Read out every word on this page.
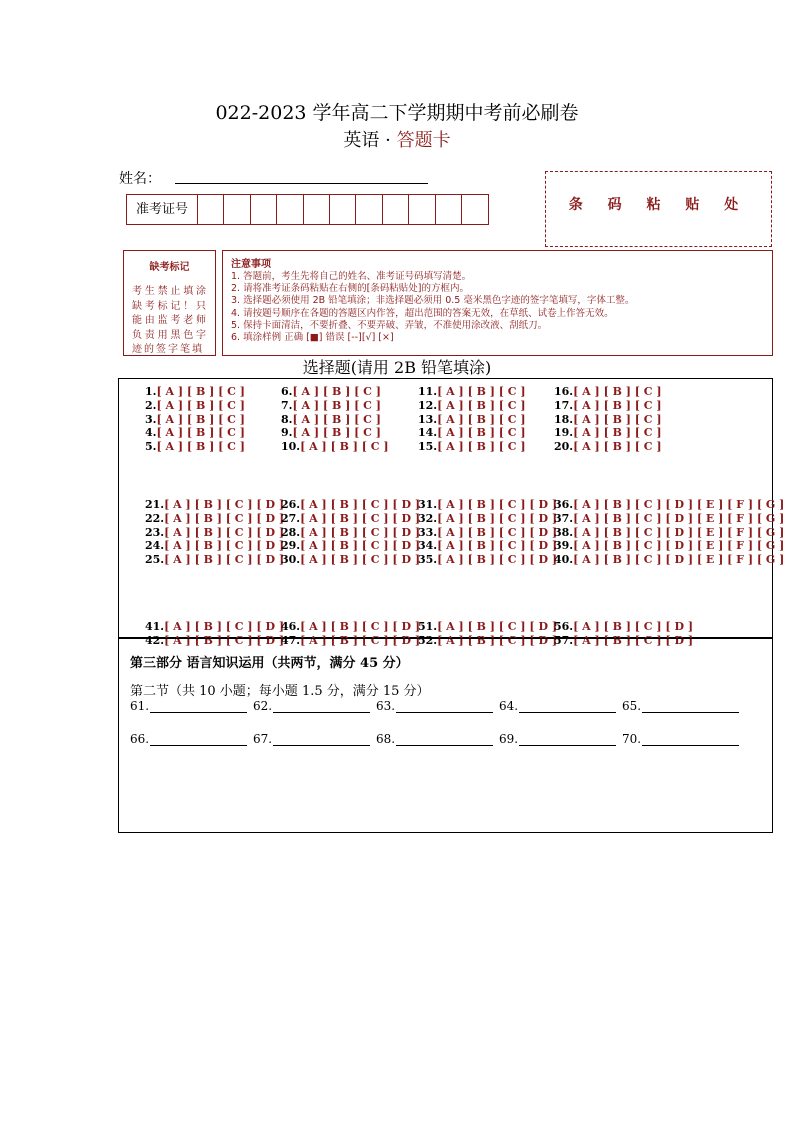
022-2023 学年高二下学期期中考前必刷卷
英语 · 答题卡
姓名：
准考证号	条 码 粘 贴 处
缺考标记
考生禁止填涂缺考标记！只能由监考老师负责用黑色字迹的签字笔填
注意事项
1. 答题前，考生先将自己的姓名、准考证号码填写清楚。
2. 请将准考证条码粘贴在右侧的[条码粘贴处]的方框内。
3. 选择题必须使用 2B 铅笔填涂；非选择题必须用 0.5 毫米黑色字迹的签字笔填写，字体工整。
4. 请按题号顺序在各题的答题区内作答，超出范围的答案无效，在草纸、试卷上作答无效。
5. 保持卡面清洁，不要折叠、不要弄破、弄皱，不准使用涂改液、刮纸刀。
6. 填涂样例 正确 [■] 错误 [--][√] [×]
选择题(请用 2B 铅笔填涂)
1.[ A ] [ B ] [ C ]
2.[ A ] [ B ] [ C ]
3.[ A ] [ B ] [ C ]
4.[ A ] [ B ] [ C ]
5.[ A ] [ B ] [ C ]
6.[ A ] [ B ] [ C ]
7.[ A ] [ B ] [ C ]
8.[ A ] [ B ] [ C ]
9.[ A ] [ B ] [ C ]
10.[ A ] [ B ] [ C ]
11.[ A ] [ B ] [ C ]
12.[ A ] [ B ] [ C ]
13.[ A ] [ B ] [ C ]
14.[ A ] [ B ] [ C ]
15.[ A ] [ B ] [ C ]
16.[ A ] [ B ] [ C ]
17.[ A ] [ B ] [ C ]
18.[ A ] [ B ] [ C ]
19.[ A ] [ B ] [ C ]
20.[ A ] [ B ] [ C ]
21.[ A ] [ B ] [ C ] [ D ]
22.[ A ] [ B ] [ C ] [ D ]
23.[ A ] [ B ] [ C ] [ D ]
24.[ A ] [ B ] [ C ] [ D ]
25.[ A ] [ B ] [ C ] [ D ]
26.[ A ] [ B ] [ C ] [ D ]
27.[ A ] [ B ] [ C ] [ D ]
28.[ A ] [ B ] [ C ] [ D ]
29.[ A ] [ B ] [ C ] [ D ]
30.[ A ] [ B ] [ C ] [ D ]
31.[ A ] [ B ] [ C ] [ D ]
32.[ A ] [ B ] [ C ] [ D ]
33.[ A ] [ B ] [ C ] [ D ]
34.[ A ] [ B ] [ C ] [ D ]
35.[ A ] [ B ] [ C ] [ D ]
36.[ A ] [ B ] [ C ] [ D ] [ E ] [ F ] [ G ]
37.[ A ] [ B ] [ C ] [ D ] [ E ] [ F ] [ G ]
38.[ A ] [ B ] [ C ] [ D ] [ E ] [ F ] [ G ]
39.[ A ] [ B ] [ C ] [ D ] [ E ] [ F ] [ G ]
40.[ A ] [ B ] [ C ] [ D ] [ E ] [ F ] [ G ]
41.[ A ] [ B ] [ C ] [ D ]
42.[ A ] [ B ] [ C ] [ D ]
46.[ A ] [ B ] [ C ] [ D ]
47.[ A ] [ B ] [ C ] [ D ]
51.[ A ] [ B ] [ C ] [ D ]
52.[ A ] [ B ] [ C ] [ D ]
56.[ A ] [ B ] [ C ] [ D ]
57.[ A ] [ B ] [ C ] [ D ]
第三部分 语言知识运用（共两节，满分 45 分）
第二节（共 10 小题；每小题 1.5 分，满分 15 分）
61.	62.	63.	64.	65.
66.	67.	68.	69.	70.
